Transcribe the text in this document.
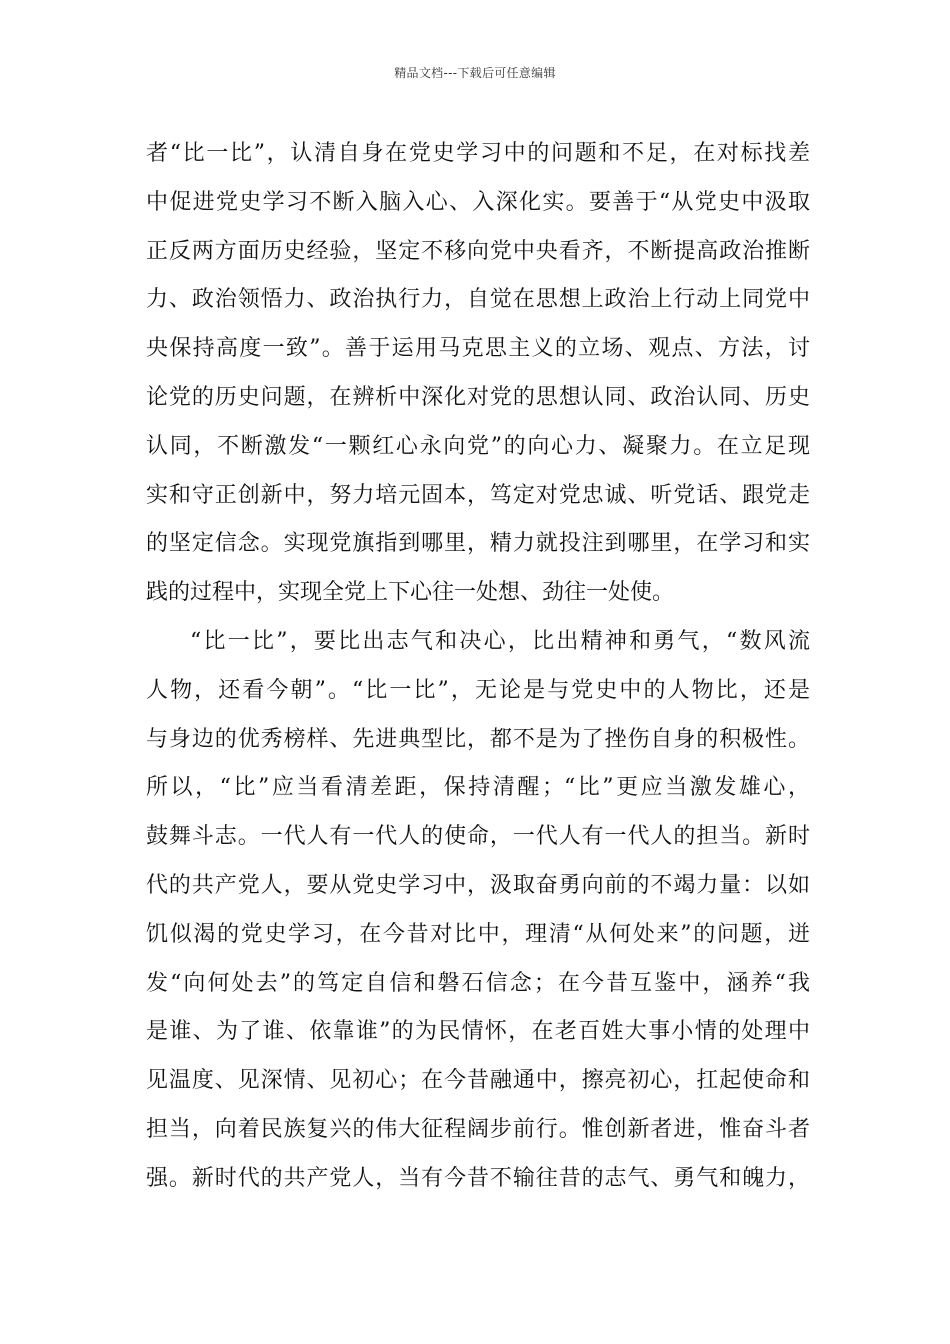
精品文档---下载后可任意编辑
者“比一比”，认清自身在党史学习中的问题和不足，在对标找差
中促进党史学习不断入脑入心、入深化实。要善于“从党史中汲取
正反两方面历史经验，坚定不移向党中央看齐，不断提高政治推断
力、政治领悟力、政治执行力，自觉在思想上政治上行动上同党中
央保持高度一致”。善于运用马克思主义的立场、观点、方法，讨
论党的历史问题，在辨析中深化对党的思想认同、政治认同、历史
认同，不断激发“一颗红心永向党”的向心力、凝聚力。在立足现
实和守正创新中，努力培元固本，笃定对党忠诚、听党话、跟党走
的坚定信念。实现党旗指到哪里，精力就投注到哪里，在学习和实
践的过程中，实现全党上下心往一处想、劲往一处使。
“比一比”，要比出志气和决心，比出精神和勇气，“数风流
人物，还看今朝”。“比一比”，无论是与党史中的人物比，还是
与身边的优秀榜样、先进典型比，都不是为了挫伤自身的积极性。
所以，“比”应当看清差距，保持清醒；“比”更应当激发雄心，
鼓舞斗志。一代人有一代人的使命，一代人有一代人的担当。新时
代的共产党人，要从党史学习中，汲取奋勇向前的不竭力量：以如
饥似渴的党史学习，在今昔对比中，理清“从何处来”的问题，迸
发“向何处去”的笃定自信和磐石信念；在今昔互鉴中，涵养“我
是谁、为了谁、依靠谁”的为民情怀，在老百姓大事小情的处理中
见温度、见深情、见初心；在今昔融通中，擦亮初心，扛起使命和
担当，向着民族复兴的伟大征程阔步前行。惟创新者进，惟奋斗者
强。新时代的共产党人，当有今昔不输往昔的志气、勇气和魄力，
